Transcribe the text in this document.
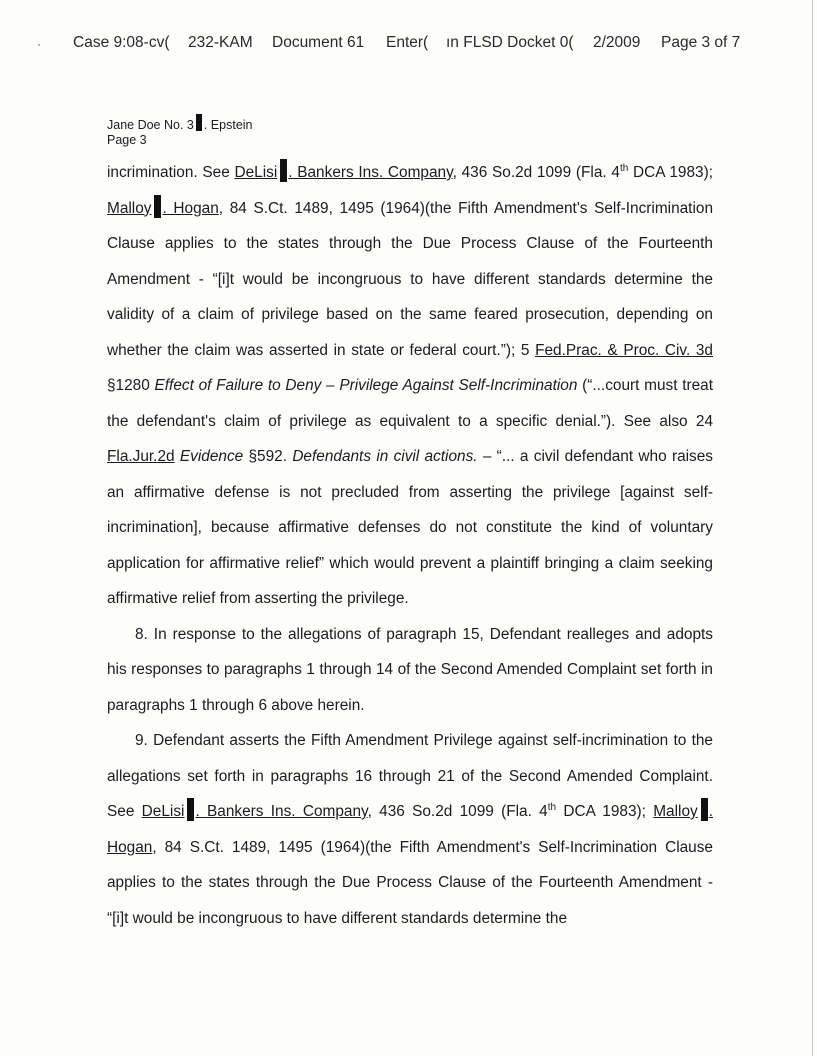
Case 9:08-cv( 232-KAM Document 61 Enter( ın FLSD Docket 0( 2/2009 Page 3 of 7
Jane Doe No. 3 . Epstein
Page 3

incrimination. See DeLisi . Bankers Ins. Company, 436 So.2d 1099 (Fla. 4th DCA 1983); Malloy . Hogan, 84 S.Ct. 1489, 1495 (1964)(the Fifth Amendment's Self-Incrimination Clause applies to the states through the Due Process Clause of the Fourteenth Amendment - “[i]t would be incongruous to have different standards determine the validity of a claim of privilege based on the same feared prosecution, depending on whether the claim was asserted in state or federal court.”); 5 Fed.Prac. & Proc. Civ. 3d §1280 Effect of Failure to Deny – Privilege Against Self-Incrimination (“...court must treat the defendant's claim of privilege as equivalent to a specific denial.”). See also 24 Fla.Jur.2d Evidence §592. Defendants in civil actions. – “... a civil defendant who raises an affirmative defense is not precluded from asserting the privilege [against self-incrimination], because affirmative defenses do not constitute the kind of voluntary application for affirmative relief” which would prevent a plaintiff bringing a claim seeking affirmative relief from asserting the privilege.

8. In response to the allegations of paragraph 15, Defendant realleges and adopts his responses to paragraphs 1 through 14 of the Second Amended Complaint set forth in paragraphs 1 through 6 above herein.

9. Defendant asserts the Fifth Amendment Privilege against self-incrimination to the allegations set forth in paragraphs 16 through 21 of the Second Amended Complaint. See DeLisi . Bankers Ins. Company, 436 So.2d 1099 (Fla. 4th DCA 1983); Malloy . Hogan, 84 S.Ct. 1489, 1495 (1964)(the Fifth Amendment's Self-Incrimination Clause applies to the states through the Due Process Clause of the Fourteenth Amendment - “[i]t would be incongruous to have different standards determine the
